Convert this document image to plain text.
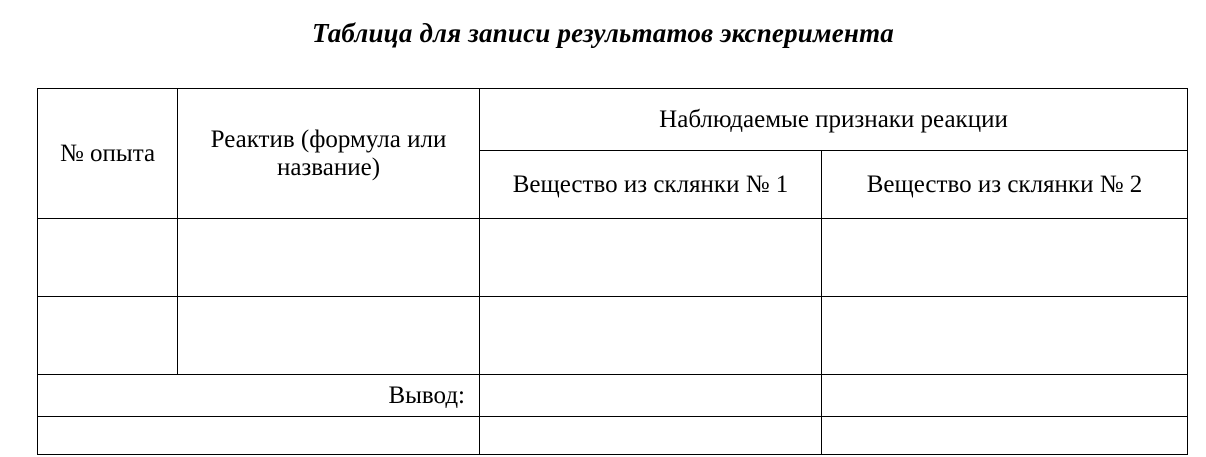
Таблица для записи результатов эксперимента
№ опыта	Реактив (формула или название)	Наблюдаемые признаки реакции	
		Вещество из склянки № 1	Вещество из склянки № 2

Вывод:			
